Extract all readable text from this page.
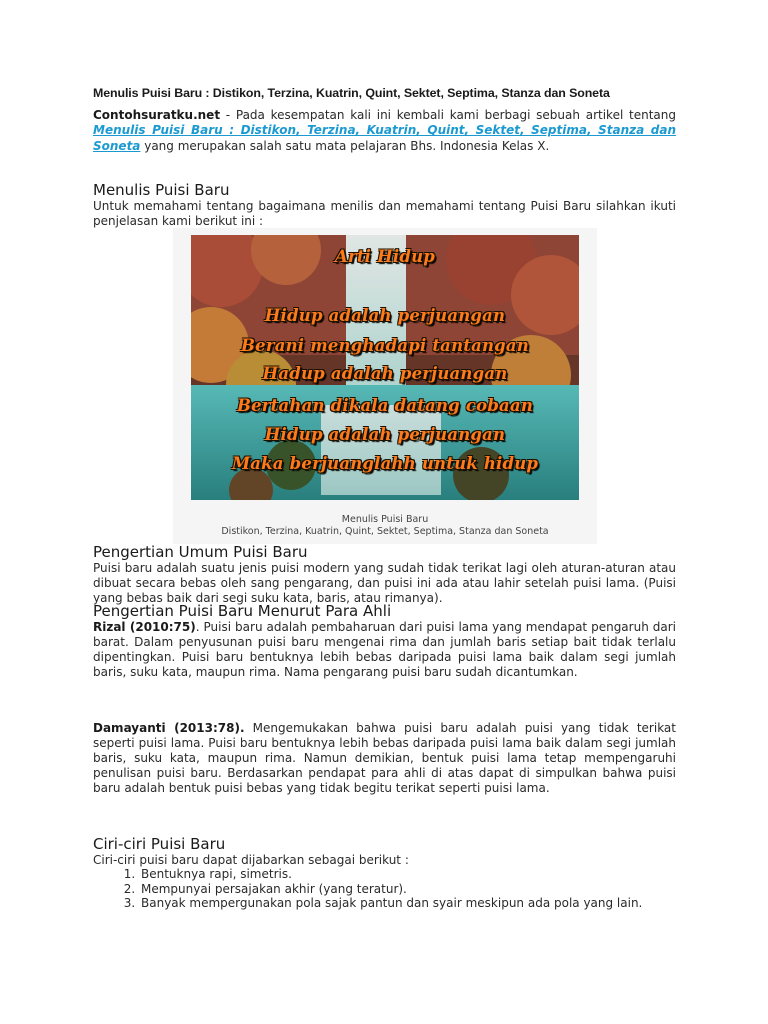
Menulis Puisi Baru : Distikon, Terzina, Kuatrin, Quint, Sektet, Septima, Stanza dan Soneta

Contohsuratku.net - Pada kesempatan kali ini kembali kami berbagi sebuah artikel tentang Menulis Puisi Baru : Distikon, Terzina, Kuatrin, Quint, Sektet, Septima, Stanza dan Soneta yang merupakan salah satu mata pelajaran Bhs. Indonesia Kelas X.

Menulis Puisi Baru

Untuk memahami tentang bagaimana menilis dan memahami tentang Puisi Baru silahkan ikuti penjelasan kami berikut ini :

Arti Hidup
Hidup adalah perjuangan
Berani menghadapi tantangan
Hadup adalah perjuangan
Bertahan dikala datang cobaan
Hidup adalah perjuangan
Maka berjuanglahh untuk hidup
Menulis Puisi Baru
Distikon, Terzina, Kuatrin, Quint, Sektet, Septima, Stanza dan Soneta
Pengertian Umum Puisi Baru

Puisi baru adalah suatu jenis puisi modern yang sudah tidak terikat lagi oleh aturan-aturan atau dibuat secara bebas oleh sang pengarang, dan puisi ini ada atau lahir setelah puisi lama. (Puisi yang bebas baik dari segi suku kata, baris, atau rimanya).

Pengertian Puisi Baru Menurut Para Ahli

Rizal (2010:75). Puisi baru adalah pembaharuan dari puisi lama yang mendapat pengaruh dari barat. Dalam penyusunan puisi baru mengenai rima dan jumlah baris setiap bait tidak terlalu dipentingkan. Puisi baru bentuknya lebih bebas daripada puisi lama baik dalam segi jumlah baris, suku kata, maupun rima. Nama pengarang puisi baru sudah dicantumkan.

Damayanti (2013:78). Mengemukakan bahwa puisi baru adalah puisi yang tidak terikat seperti puisi lama. Puisi baru bentuknya lebih bebas daripada puisi lama baik dalam segi jumlah baris, suku kata, maupun rima. Namun demikian, bentuk puisi lama tetap mempengaruhi penulisan puisi baru. Berdasarkan pendapat para ahli di atas dapat di simpulkan bahwa puisi baru adalah bentuk puisi bebas yang tidak begitu terikat seperti puisi lama.

Ciri-ciri Puisi Baru

Ciri-ciri puisi baru dapat dijabarkan sebagai berikut :

1. Bentuknya rapi, simetris.
2. Mempunyai persajakan akhir (yang teratur).
3. Banyak mempergunakan pola sajak pantun dan syair meskipun ada pola yang lain.
